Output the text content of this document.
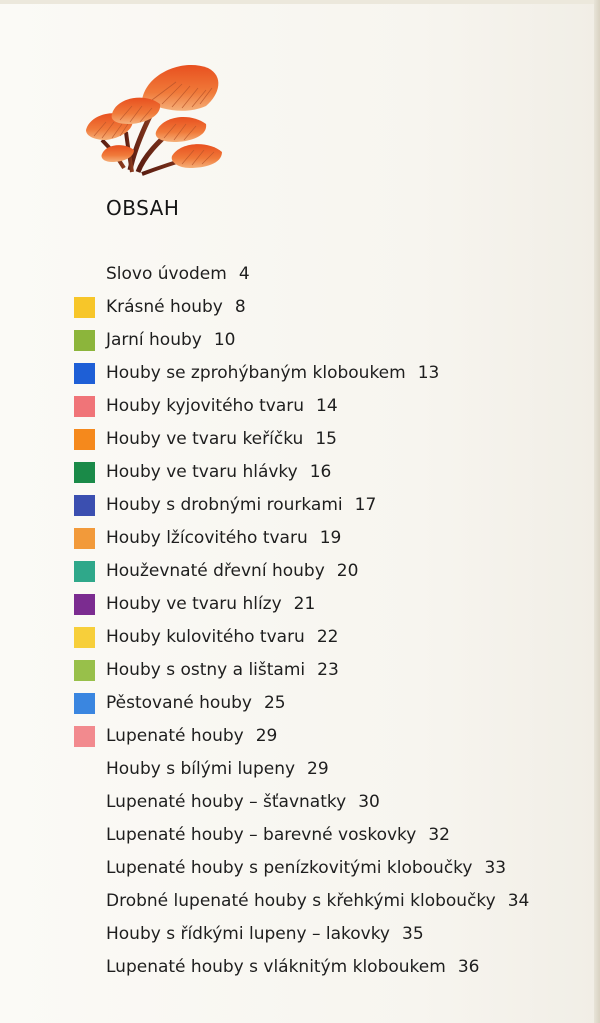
OBSAH
Slovo úvodem 4
Krásné houby 8
Jarní houby 10
Houby se zprohýbaným kloboukem 13
Houby kyjovitého tvaru 14
Houby ve tvaru keříčku 15
Houby ve tvaru hlávky 16
Houby s drobnými rourkami 17
Houby lžícovitého tvaru 19
Houževnaté dřevní houby 20
Houby ve tvaru hlízy 21
Houby kulovitého tvaru 22
Houby s ostny a lištami 23
Pěstované houby 25
Lupenaté houby 29
Houby s bílými lupeny 29
Lupenaté houby – šťavnatky 30
Lupenaté houby – barevné voskovky 32
Lupenaté houby s penízkovitými kloboučky 33
Drobné lupenaté houby s křehkými kloboučky 34
Houby s řídkými lupeny – lakovky 35
Lupenaté houby s vláknitým kloboukem 36
